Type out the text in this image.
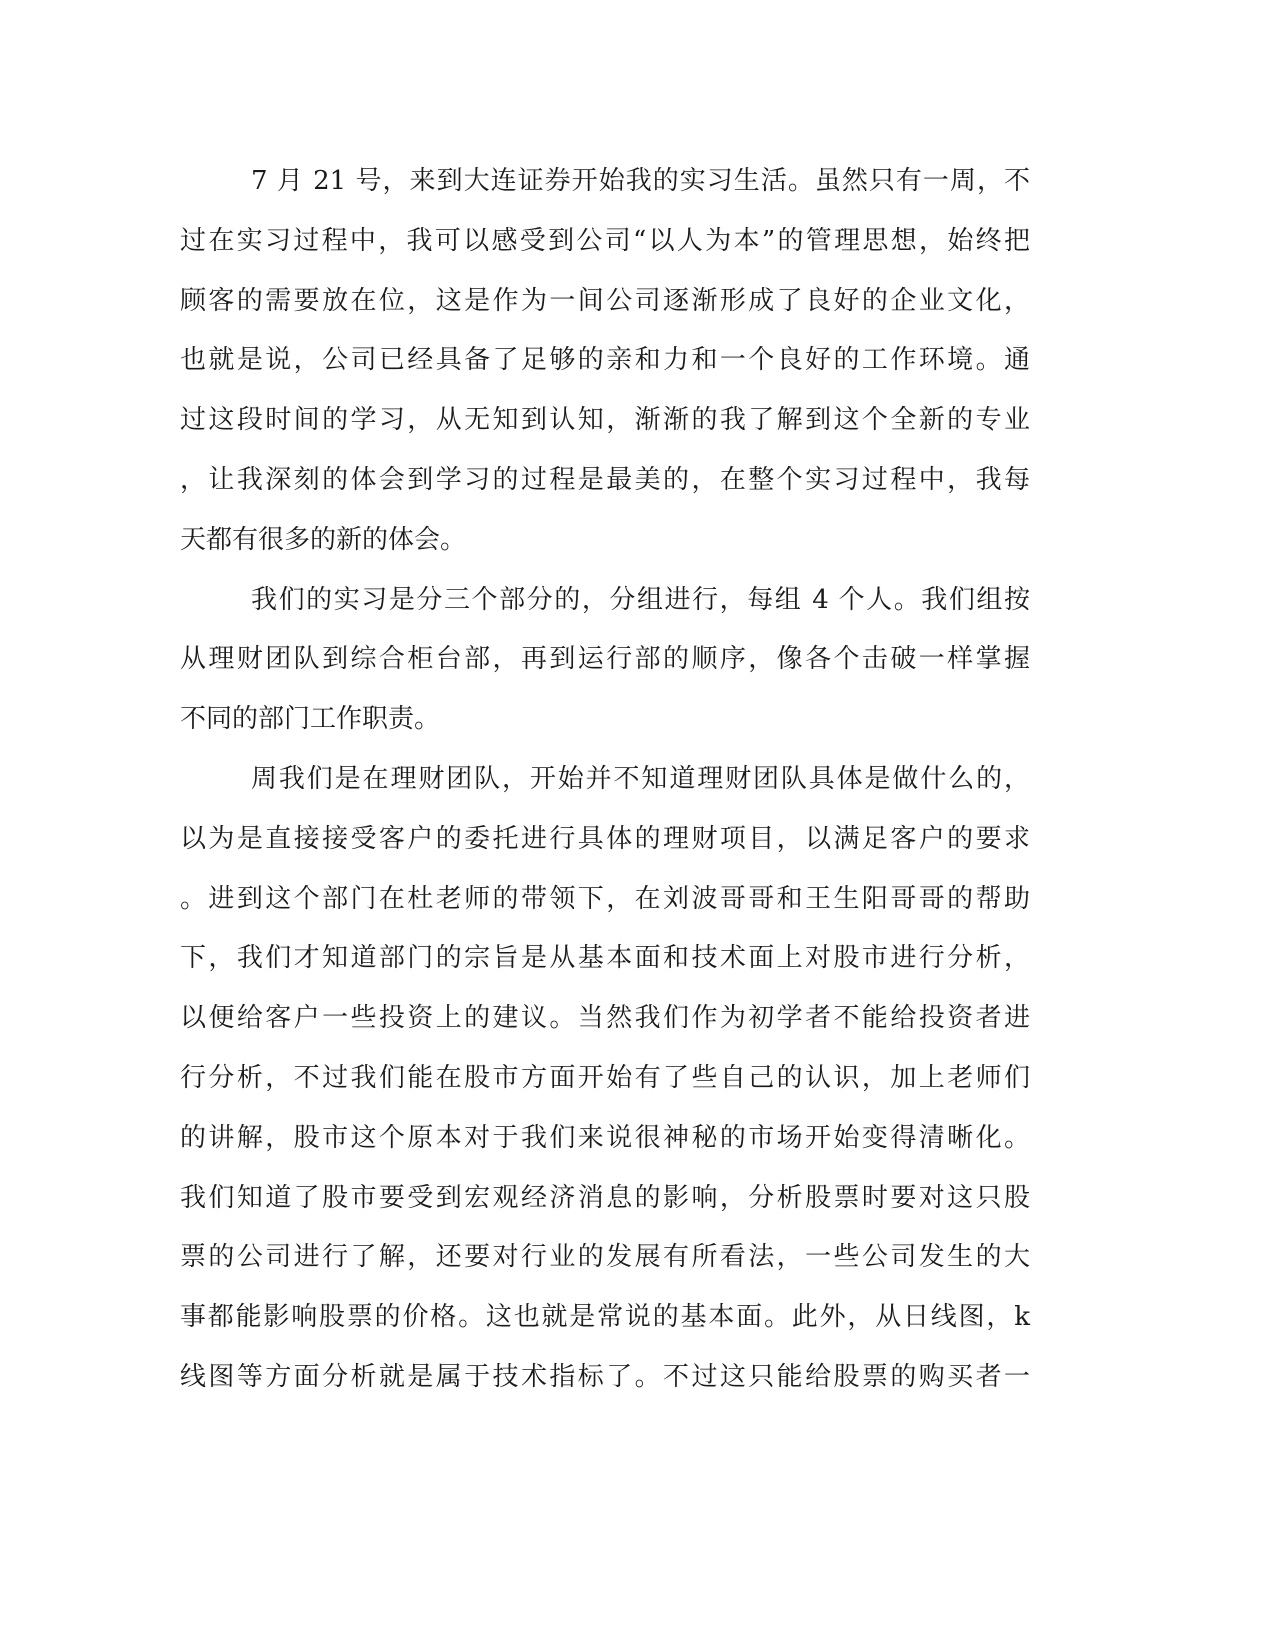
7 月 21 号，来到大连证券开始我的实习生活。虽然只有一周，不
过在实习过程中，我可以感受到公司“以人为本”的管理思想，始终把
顾客的需要放在位，这是作为一间公司逐渐形成了良好的企业文化，
也就是说，公司已经具备了足够的亲和力和一个良好的工作环境。通
过这段时间的学习，从无知到认知，渐渐的我了解到这个全新的专业
，让我深刻的体会到学习的过程是最美的，在整个实习过程中，我每
天都有很多的新的体会。
我们的实习是分三个部分的，分组进行，每组 4 个人。我们组按
从理财团队到综合柜台部，再到运行部的顺序，像各个击破一样掌握
不同的部门工作职责。
周我们是在理财团队，开始并不知道理财团队具体是做什么的，
以为是直接接受客户的委托进行具体的理财项目，以满足客户的要求
。进到这个部门在杜老师的带领下，在刘波哥哥和王生阳哥哥的帮助
下，我们才知道部门的宗旨是从基本面和技术面上对股市进行分析，
以便给客户一些投资上的建议。当然我们作为初学者不能给投资者进
行分析，不过我们能在股市方面开始有了些自己的认识，加上老师们
的讲解，股市这个原本对于我们来说很神秘的市场开始变得清晰化。
我们知道了股市要受到宏观经济消息的影响，分析股票时要对这只股
票的公司进行了解，还要对行业的发展有所看法，一些公司发生的大
事都能影响股票的价格。这也就是常说的基本面。此外，从日线图，k
线图等方面分析就是属于技术指标了。不过这只能给股票的购买者一
